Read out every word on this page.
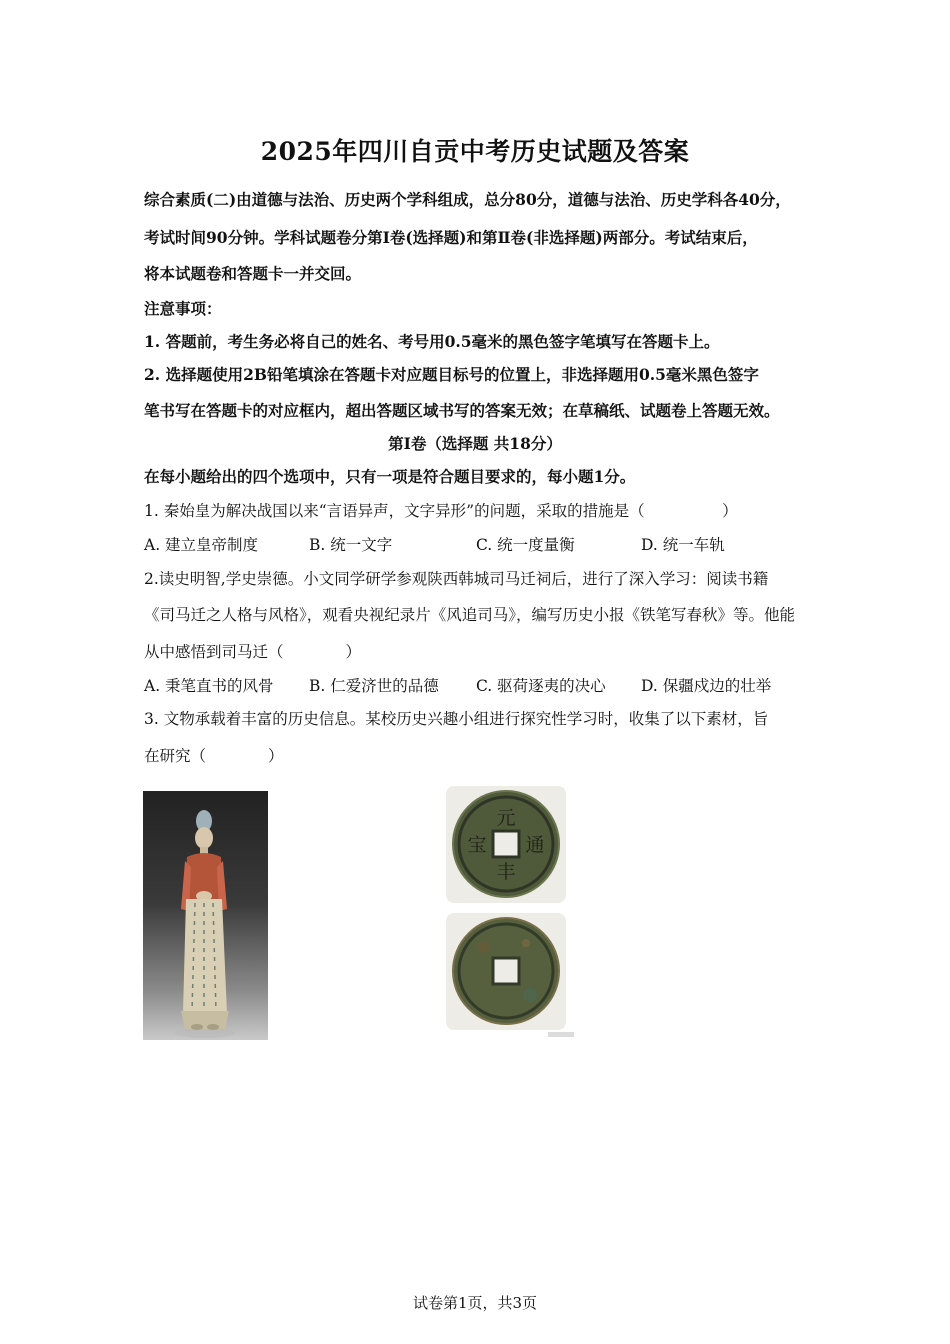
2025年四川自贡中考历史试题及答案
综合素质(二)由道德与法治、历史两个学科组成，总分80分，道德与法治、历史学科各40分，
考试时间90分钟。学科试题卷分第Ⅰ卷(选择题)和第Ⅱ卷(非选择题)两部分。考试结束后，
将本试题卷和答题卡一并交回。
注意事项：
1. 答题前，考生务必将自己的姓名、考号用0.5毫米的黑色签字笔填写在答题卡上。
2. 选择题使用2B铅笔填涂在答题卡对应题目标号的位置上，非选择题用0.5毫米黑色签字
笔书写在答题卡的对应框内，超出答题区域书写的答案无效；在草稿纸、试题卷上答题无效。
第Ⅰ卷（选择题 共18分）
在每小题给出的四个选项中，只有一项是符合题目要求的，每小题1分。
1. 秦始皇为解决战国以来“言语异声，文字异形”的问题，采取的措施是（　　　　　）
A. 建立皇帝制度	B. 统一文字	C. 统一度量衡	D. 统一车轨
2.读史明智,学史崇德。小文同学研学参观陕西韩城司马迁祠后，进行了深入学习：阅读书籍
《司马迁之人格与风格》，观看央视纪录片《风追司马》，编写历史小报《铁笔写春秋》等。他能
从中感悟到司马迁（　　　　）
A. 秉笔直书的风骨 B. 仁爱济世的品德 C. 驱荷逐夷的决心 D. 保疆戍边的壮举
3. 文物承载着丰富的历史信息。某校历史兴趣小组进行探究性学习时，收集了以下素材，旨
在研究（　　　　）
元
丰
通
宝
试卷第1页，共3页
